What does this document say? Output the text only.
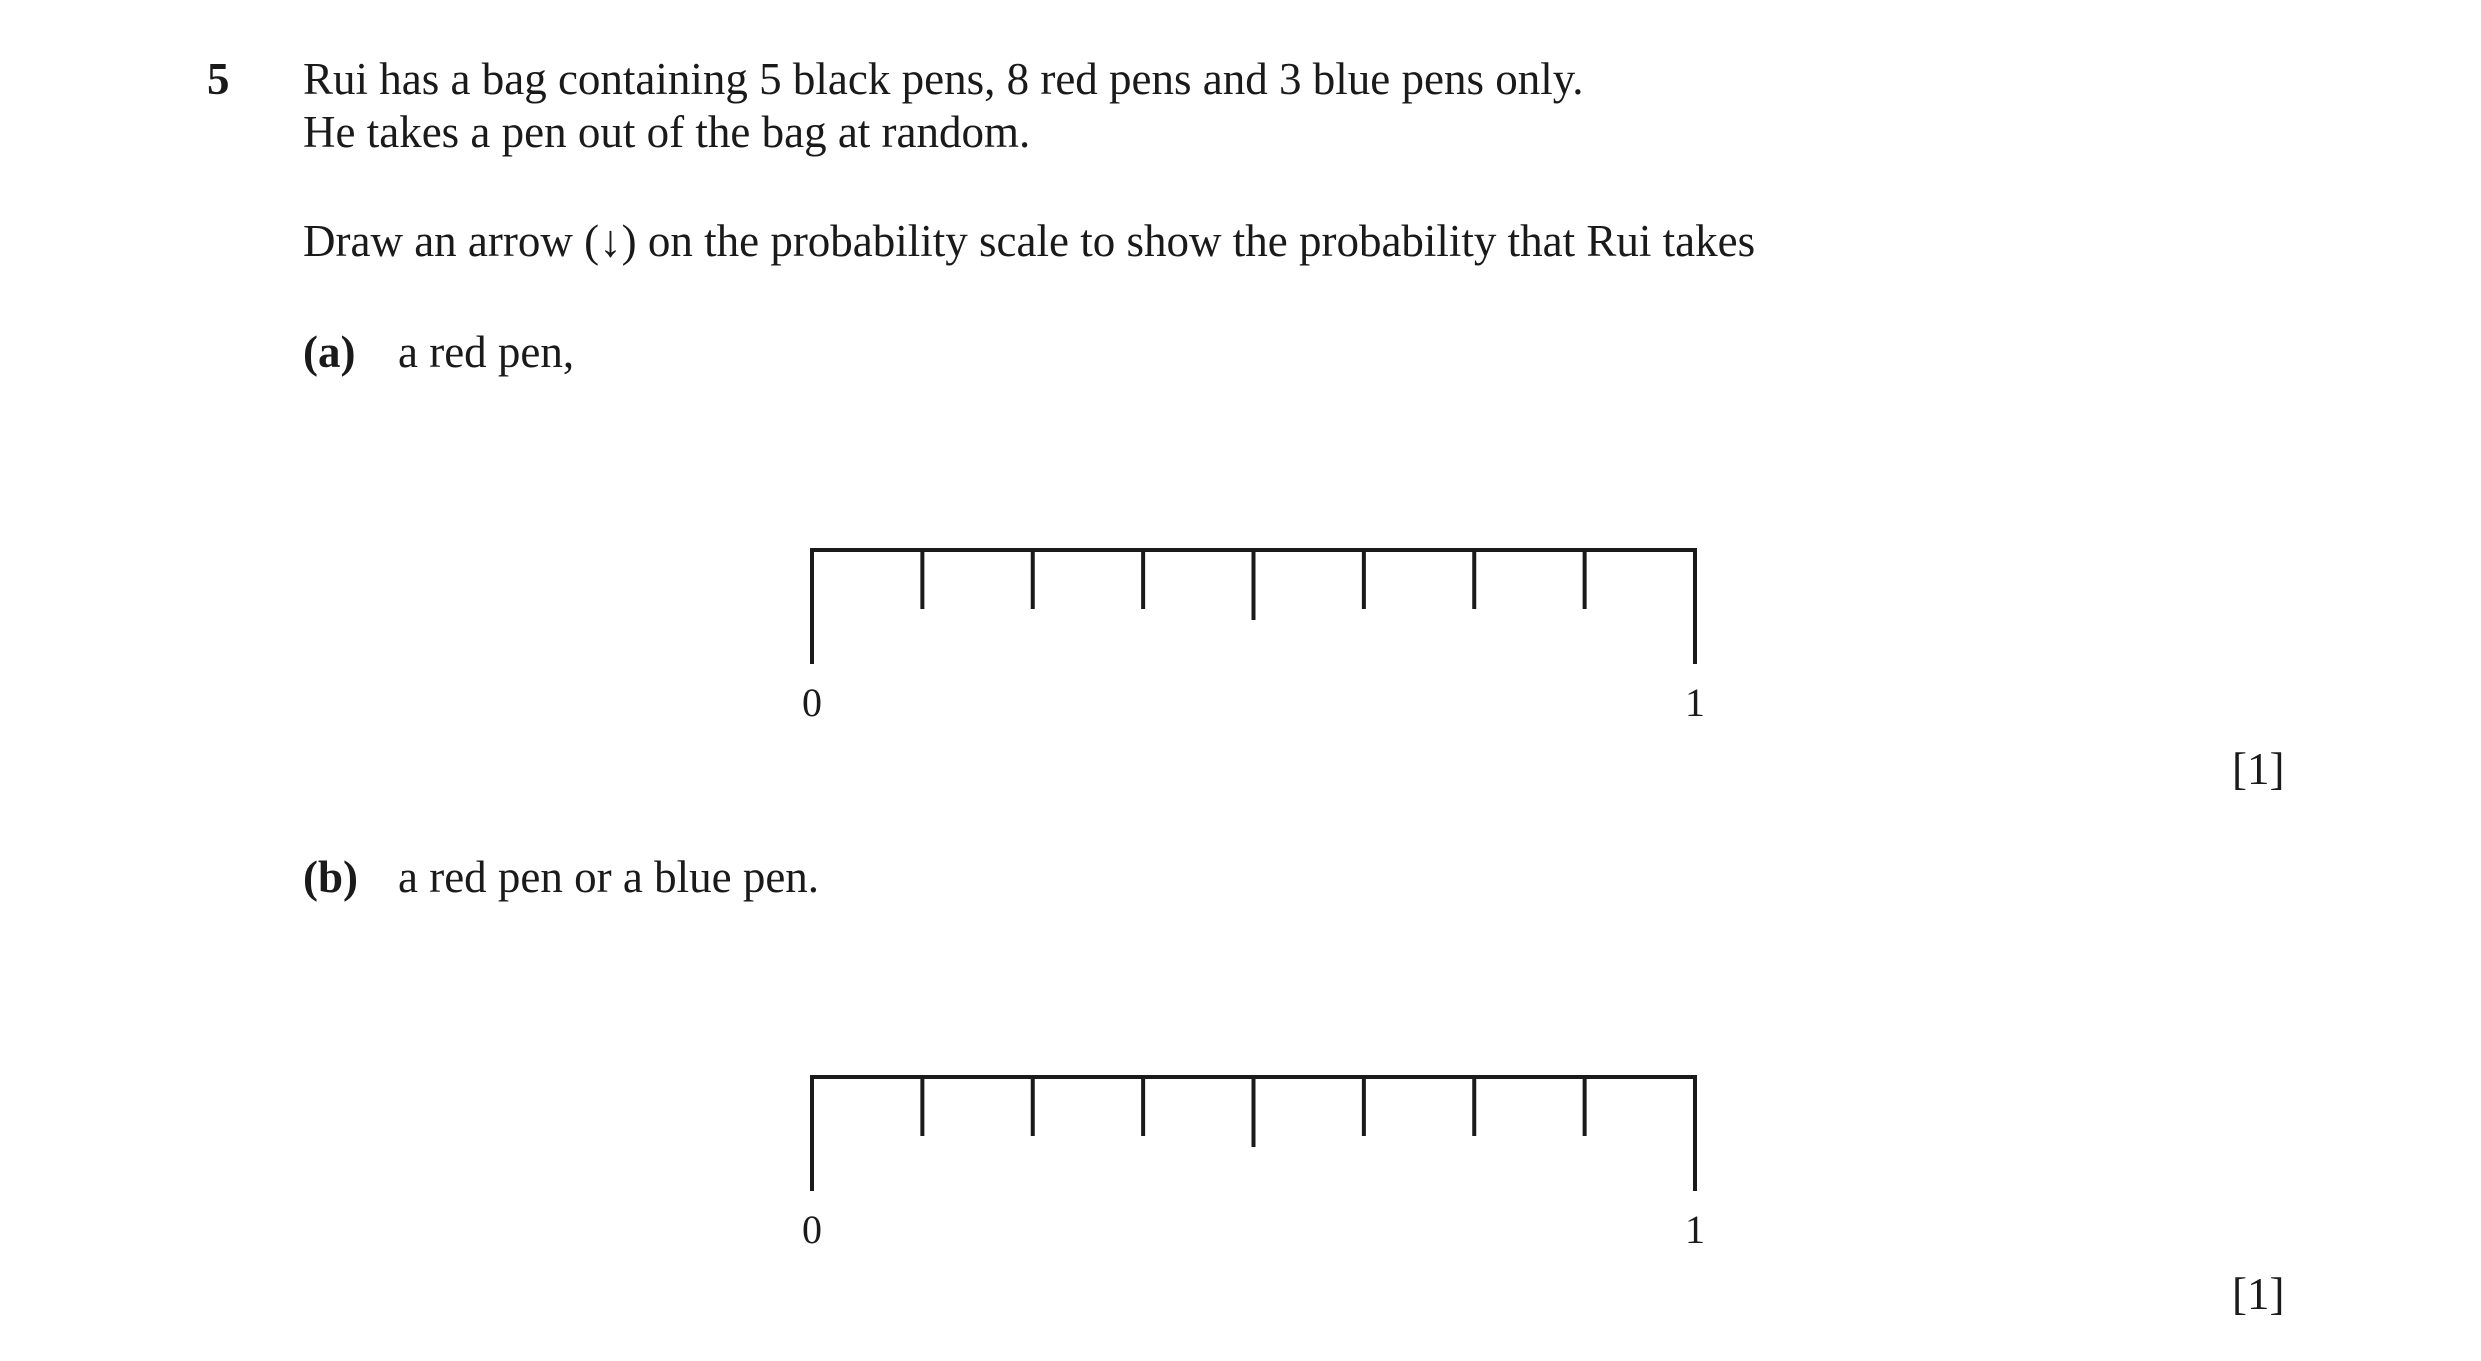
5 Rui has a bag containing 5 black pens, 8 red pens and 3 blue pens only.
He takes a pen out of the bag at random.
Draw an arrow (↓) on the probability scale to show the probability that Rui takes
(a) a red pen,
0	1
[1]
(b) a red pen or a blue pen.
0	1
[1]
